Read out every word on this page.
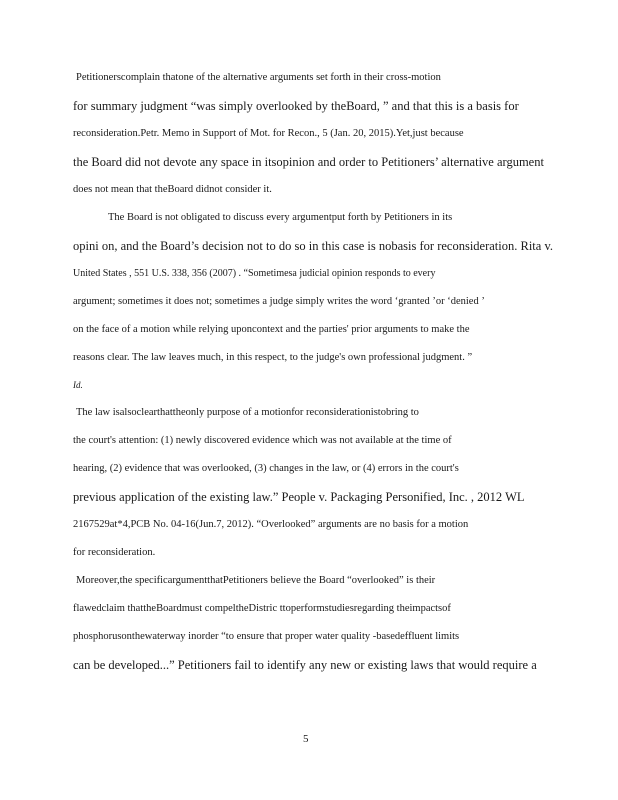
Petitionerscomplain thatone of the alternative arguments set forth in their cross-motion
for summary judgment “was simply overlooked by theBoard, ” and that this is a basis for
reconsideration.Petr. Memo in Support of Mot. for Recon., 5 (Jan. 20, 2015).Yet,just because
the Board did not devote any space in itsopinion and order to Petitioners’ alternative argument
does not mean that theBoard didnot consider it.
The Board is not obligated to discuss every argumentput forth by Petitioners in its
opini on, and the Board’s decision not to do so in this case is nobasis for reconsideration. Rita v.
United States , 551 U.S. 338, 356 (2007) . “Sometimesa judicial opinion responds to every
argument; sometimes it does not; sometimes a judge simply writes the word ‘granted ’or ‘denied ’
on the face of a motion while relying uponcontext and the parties' prior arguments to make the
reasons clear. The law leaves much, in this respect, to the judge's own professional judgment. ”
Id.
The law isalsoclearthattheonly purpose of a motionfor reconsiderationistobring to
the court's attention: (1) newly discovered evidence which was not available at the time of
hearing, (2) evidence that was overlooked, (3) changes in the law, or (4) errors in the court's
previous application of the existing law.” People v. Packaging Personified, Inc. , 2012 WL
2167529at*4,PCB No. 04-16(Jun.7, 2012). “Overlooked” arguments are no basis for a motion
for reconsideration.
Moreover,the specificargumentthatPetitioners believe the Board “overlooked” is their
flawedclaim thattheBoardmust compeltheDistric ttoperformstudiesregarding theimpactsof
phosphorusonthewaterway inorder “to ensure that proper water quality -basedeffluent limits
can be developed...” Petitioners fail to identify any new or existing laws that would require a
5
